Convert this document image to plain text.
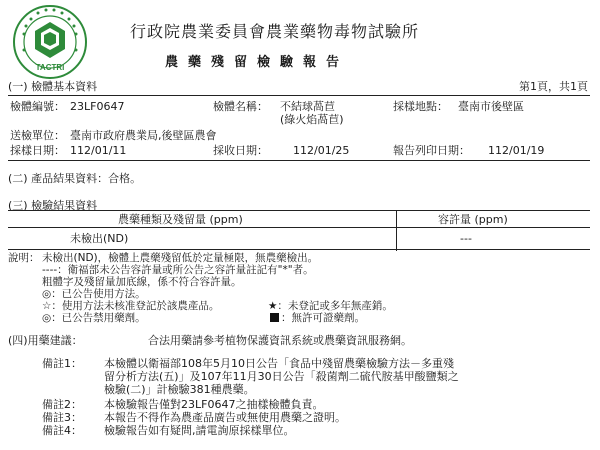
TACTRI
行政院農業委員會農業藥物毒物試驗所
農藥殘留檢驗報告
(一) 檢體基本資料	第1頁，共1頁
檢體編號： 23LF0647	檢體名稱： 不結球萵苣
(綠火焰萵苣)
採樣地點： 臺南市後壁區
送檢單位： 臺南市政府農業局,後壁區農會
採樣日期： 112/01/11	採收日期： 112/01/25	報告列印日期： 112/01/19
(二) 產品結果資料：合格。
(三) 檢驗結果資料
農藥種類及殘留量 (ppm)	容許量 (ppm)
未檢出(ND)	---
說明： 未檢出(ND)，檢體上農藥殘留低於定量極限，無農藥檢出。
----：衛福部未公告容許量或所公告之容許量註記有"*"者。
粗體字及殘留量加底線，係不符合容許量。
◎：已公告使用方法。
☆：使用方法未核准登記於該農產品。	★：未登記或多年無產銷。
◎：已公告禁用藥劑。	：無許可證藥劑。
(四)用藥建議：	合法用藥請參考植物保護資訊系統或農藥資訊服務網。
備註1： 本檢體以衛福部108年5月10日公告「食品中殘留農藥檢驗方法－多重殘
留分析方法(五)」及107年11月30日公告「殺菌劑二硫代胺基甲酸鹽類之
檢驗(二)」計檢驗381種農藥。
備註2： 本檢驗報告僅對23LF0647之抽樣檢體負責。
備註3： 本報告不得作為農產品廣告或無使用農藥之證明。
備註4： 檢驗報告如有疑問,請電詢原採樣單位。
